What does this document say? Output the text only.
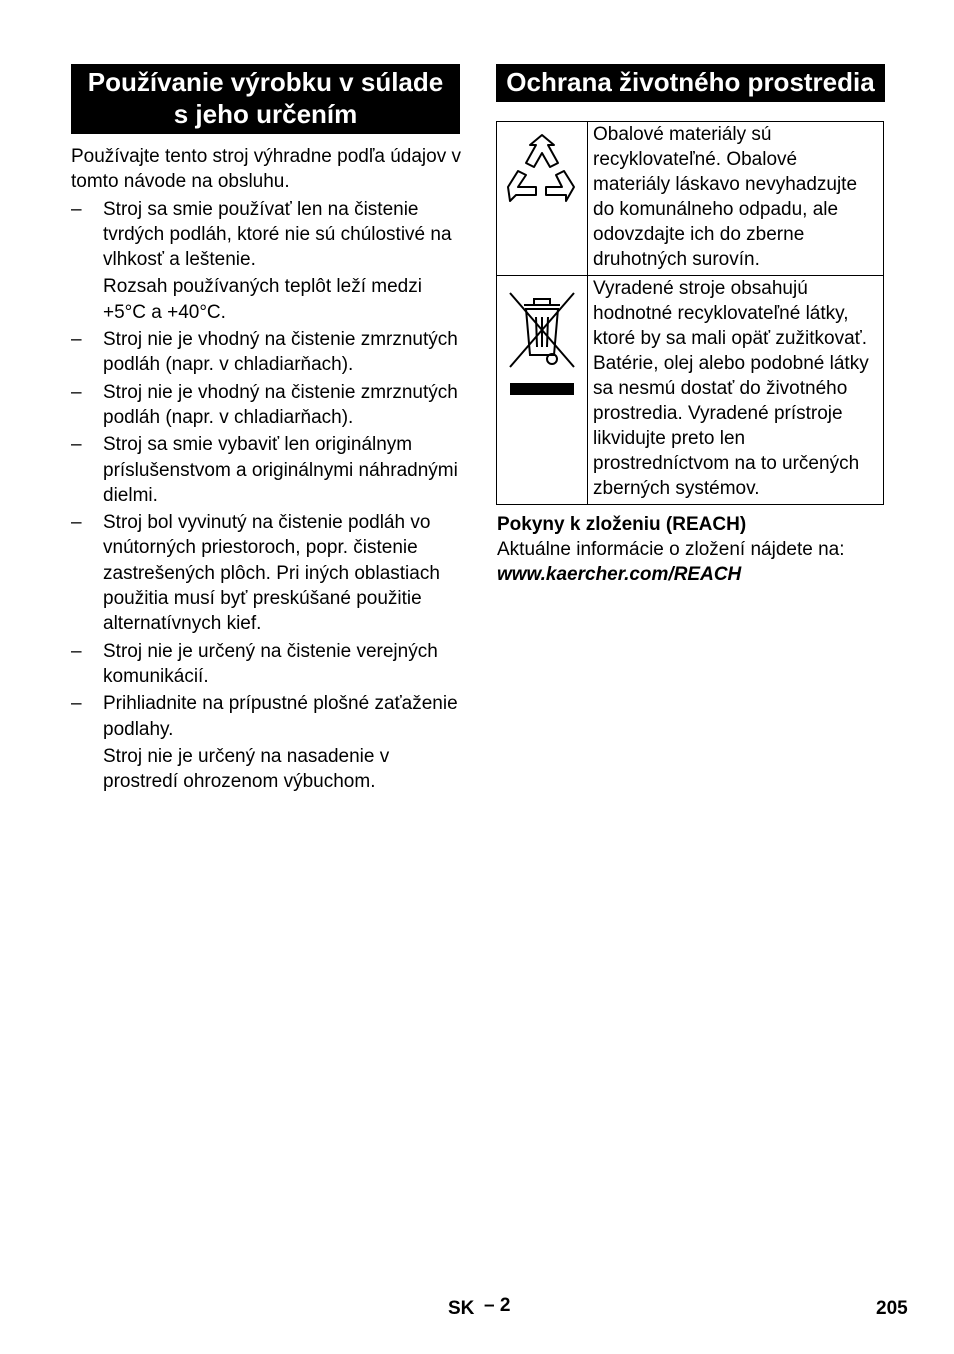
Používanie výrobku v súlade
s jeho určením

Používajte tento stroj výhradne podľa údajov v tomto návode na obsluhu.

– Stroj sa smie používať len na čistenie tvrdých podláh, ktoré nie sú chúlostivé na vlhkosť a leštenie.

Rozsah používaných teplôt leží medzi +5°C a +40°C.

– Stroj nie je vhodný na čistenie zmrznutých podláh (napr. v chladiarňach).

– Stroj nie je vhodný na čistenie zmrznutých podláh (napr. v chladiarňach).

– Stroj sa smie vybaviť len originálnym príslušenstvom a originálnymi náhradnými dielmi.

– Stroj bol vyvinutý na čistenie podláh vo vnútorných priestoroch, popr. čistenie zastrešených plôch. Pri iných oblastiach použitia musí byť preskúšané použitie alternatívnych kief.

– Stroj nie je určený na čistenie verejných komunikácií.

– Prihliadnite na prípustné plošné zaťaženie podlahy.

Stroj nie je určený na nasadenie v prostredí ohrozenom výbuchom.

Ochrana životného prostredia
	Obalové materiály sú recyklovateľné. Obalové materiály láskavo nevyhadzujte do komunálneho odpadu, ale odovzdajte ich do zberne druhotných surovín.

	Vyradené stroje obsahujú hodnotné recyklovateľné látky, ktoré by sa mali opäť zužitkovať. Batérie, olej alebo podobné látky sa nesmú dostať do životného prostredia. Vyradené prístroje likvidujte preto len prostredníctvom na to určených zberných systémov.
Pokyny k zloženiu (REACH)
Aktuálne informácie o zložení nájdete na:
www.kaercher.com/REACH
SK – 2	205
